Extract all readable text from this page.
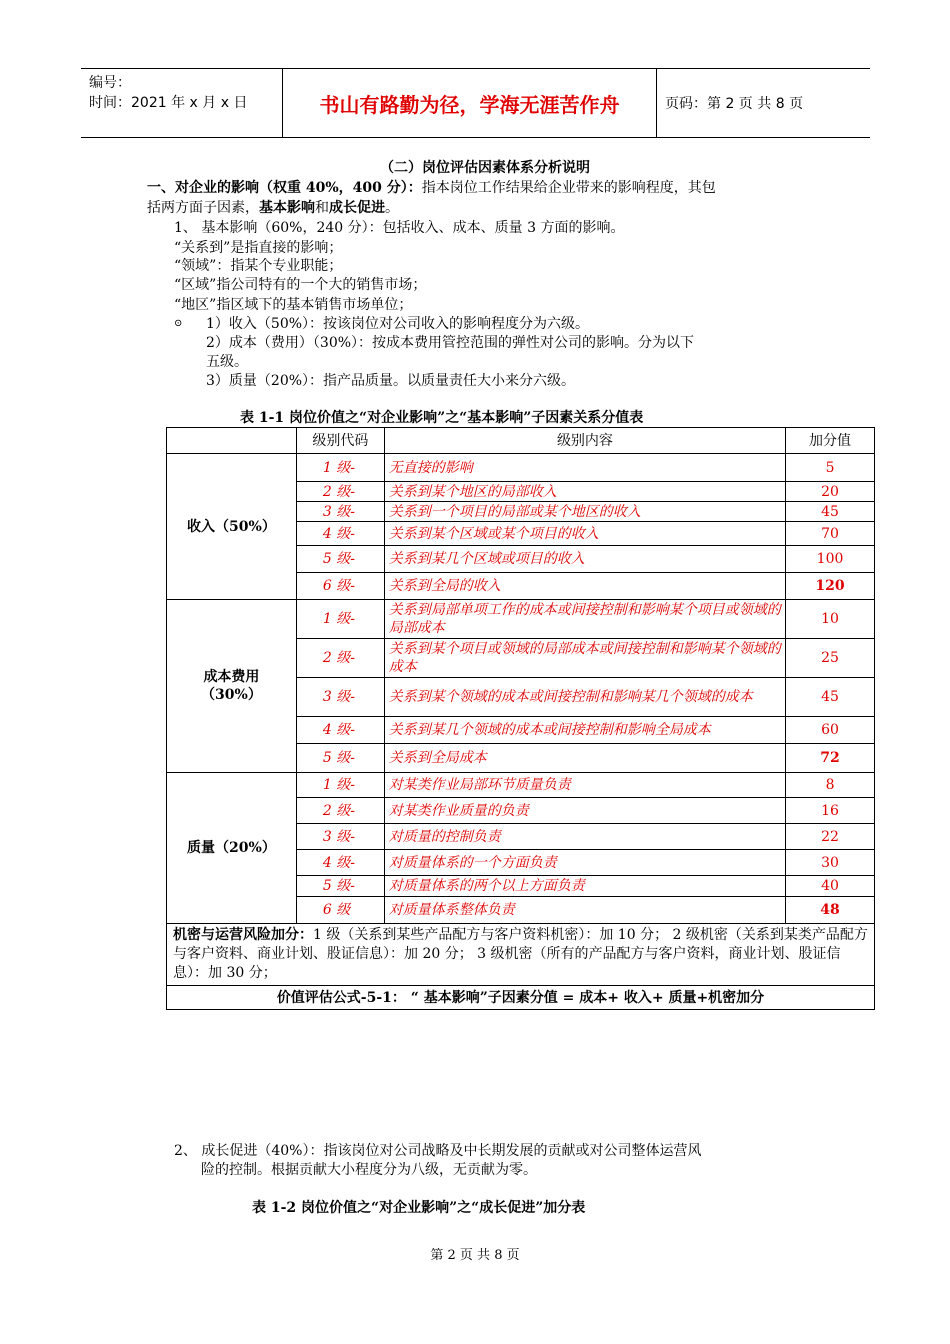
编号：
时间：2021 年 x 月 x 日	书山有路勤为径，学海无涯苦作舟	页码：第 2 页 共 8 页
（二）岗位评估因素体系分析说明
一、对企业的影响（权重 40%，400 分）：指本岗位工作结果给企业带来的影响程度，其包
括两方面子因素，基本影响和成长促进。
1、 基本影响（60%，240 分）：包括收入、成本、质量 3 方面的影响。
“关系到”是指直接的影响；
“领域”：指某个专业职能；
“区域”指公司特有的一个大的销售市场；
“地区”指区域下的基本销售市场单位；
⊙ 1）收入（50%）：按该岗位对公司收入的影响程度分为六级。
2）成本（费用）（30%）：按成本费用管控范围的弹性对公司的影响。分为以下
五级。
3）质量（20%）：指产品质量。以质量责任大小来分六级。
表 1-1 岗位价值之“对企业影响”之“基本影响”子因素关系分值表
	级别代码	级别内容	加分值
收入（50%）	1 级-	无直接的影响	5
	2 级-	关系到某个地区的局部收入	20
	3 级-	关系到一个项目的局部或某个地区的收入	45
	4 级-	关系到某个区域或某个项目的收入	70
	5 级-	关系到某几个区域或项目的收入	100
	6 级-	关系到全局的收入	120

成本费用
（30%）	1 级-	关系到局部单项工作的成本或间接控制和影响某个项目或领域的局部成本	10
	2 级-	关系到某个项目或领域的局部成本或间接控制和影响某个领域的成本	25
	3 级-	关系到某个领域的成本或间接控制和影响某几个领域的成本	45
	4 级-	关系到某几个领域的成本或间接控制和影响全局成本	60
	5 级-	关系到全局成本	72
质量（20%）	1 级-	对某类作业局部环节质量负责	8
	2 级-	对某类作业质量的负责	16
	3 级-	对质量的控制负责	22
	4 级-	对质量体系的一个方面负责	30
	5 级-	对质量体系的两个以上方面负责	40
	6 级	对质量体系整体负责	48
机密与运营风险加分：1 级（关系到某些产品配方与客户资料机密）：加 10 分； 2 级机密（关系到某类产品配方与客户资料、商业计划、股证信息）：加 20 分； 3 级机密（所有的产品配方与客户资料，商业计划、股证信息）：加 30 分；			
价值评估公式-5-1： “ 基本影响”子因素分值 = 成本+ 收入+ 质量+机密加分			
2、 成长促进（40%）：指该岗位对公司战略及中长期发展的贡献或对公司整体运营风
险的控制。根据贡献大小程度分为八级，无贡献为零。
表 1-2 岗位价值之“对企业影响”之“成长促进”加分表
第 2 页 共 8 页
